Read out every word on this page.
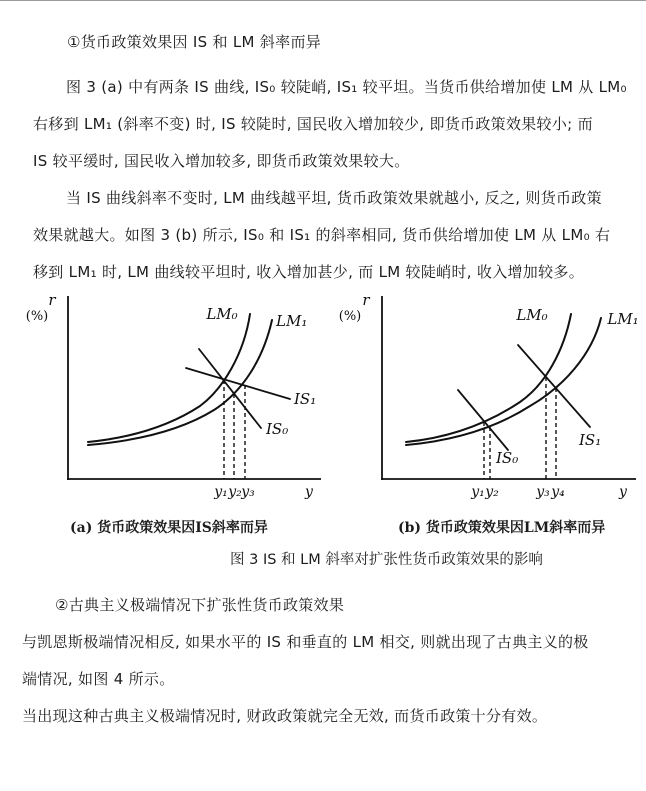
①货币政策效果因 IS 和 LM 斜率而异
图 3 (a) 中有两条 IS 曲线, IS₀ 较陡峭, IS₁ 较平坦。当货币供给增加使 LM 从 LM₀
右移到 LM₁ (斜率不变) 时, IS 较陡时, 国民收入增加较少, 即货币政策效果较小; 而
IS 较平缓时, 国民收入增加较多, 即货币政策效果较大。
当 IS 曲线斜率不变时, LM 曲线越平坦, 货币政策效果就越小, 反之, 则货币政策
效果就越大。如图 3 (b) 所示, IS₀ 和 IS₁ 的斜率相同, 货币供给增加使 LM 从 LM₀ 右
移到 LM₁ 时, LM 曲线较平坦时, 收入增加甚少, 而 LM 较陡峭时, 收入增加较多。
r
(%)	LM₀	LM₁
IS₁
IS₀
y₁ y₂ y₃	y
r
(%)	LM₀	LM₁
IS₀
IS₁
y₁ y₂	y₃ y₄	y
(a) 货币政策效果因IS斜率而异	(b) 货币政策效果因LM斜率而异
图 3 IS 和 LM 斜率对扩张性货币政策效果的影响
②古典主义极端情况下扩张性货币政策效果
与凯恩斯极端情况相反, 如果水平的 IS 和垂直的 LM 相交, 则就出现了古典主义的极
端情况, 如图 4 所示。
当出现这种古典主义极端情况时, 财政政策就完全无效, 而货币政策十分有效。
